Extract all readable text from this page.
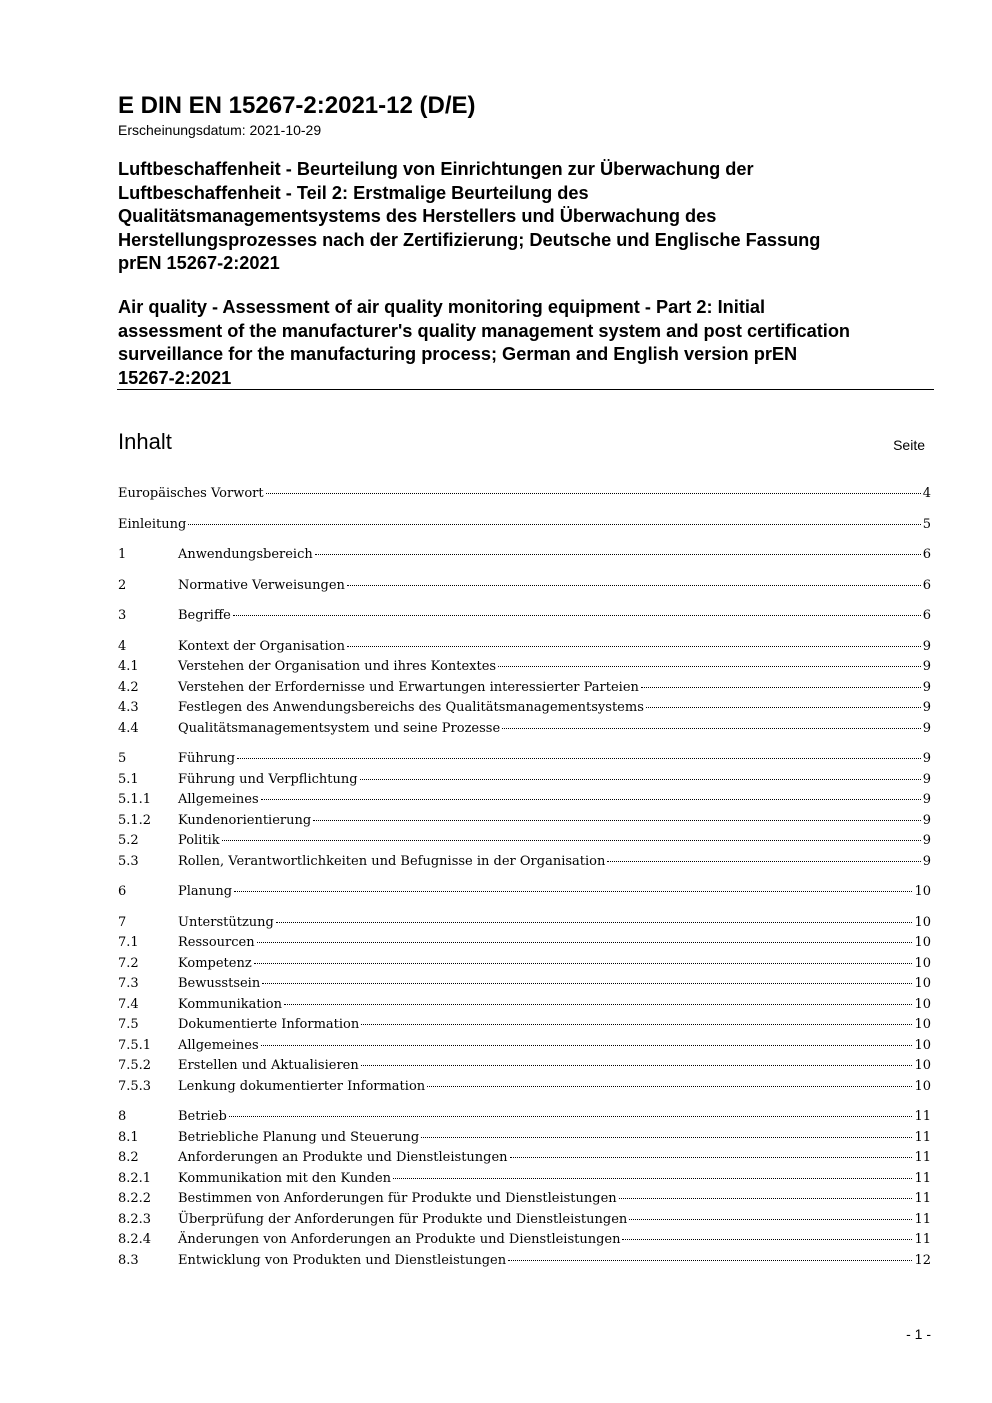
E DIN EN 15267-2:2021-12 (D/E)
Erscheinungsdatum: 2021-10-29
Luftbeschaffenheit - Beurteilung von Einrichtungen zur Überwachung der
Luftbeschaffenheit - Teil 2: Erstmalige Beurteilung des
Qualitätsmanagementsystems des Herstellers und Überwachung des
Herstellungsprozesses nach der Zertifizierung; Deutsche und Englische Fassung
prEN 15267-2:2021
Air quality - Assessment of air quality monitoring equipment - Part 2: Initial
assessment of the manufacturer's quality management system and post certification
surveillance for the manufacturing process; German and English version prEN
15267-2:2021
Inhalt	Seite
Europäisches Vorwort	4
Einleitung	5
1	Anwendungsbereich	6
2	Normative Verweisungen	6
3	Begriffe	6
4	Kontext der Organisation	9
4.1	Verstehen der Organisation und ihres Kontextes	9
4.2	Verstehen der Erfordernisse und Erwartungen interessierter Parteien	9
4.3	Festlegen des Anwendungsbereichs des Qualitätsmanagementsystems	9
4.4	Qualitätsmanagementsystem und seine Prozesse	9
5	Führung	9
5.1	Führung und Verpflichtung	9
5.1.1	Allgemeines	9
5.1.2	Kundenorientierung	9
5.2	Politik	9
5.3	Rollen, Verantwortlichkeiten und Befugnisse in der Organisation	9
6	Planung	10
7	Unterstützung	10
7.1	Ressourcen	10
7.2	Kompetenz	10
7.3	Bewusstsein	10
7.4	Kommunikation	10
7.5	Dokumentierte Information	10
7.5.1	Allgemeines	10
7.5.2	Erstellen und Aktualisieren	10
7.5.3	Lenkung dokumentierter Information	10
8	Betrieb	11
8.1	Betriebliche Planung und Steuerung	11
8.2	Anforderungen an Produkte und Dienstleistungen	11
8.2.1	Kommunikation mit den Kunden	11
8.2.2	Bestimmen von Anforderungen für Produkte und Dienstleistungen	11
8.2.3	Überprüfung der Anforderungen für Produkte und Dienstleistungen	11
8.2.4	Änderungen von Anforderungen an Produkte und Dienstleistungen	11
8.3	Entwicklung von Produkten und Dienstleistungen	12
- 1 -
